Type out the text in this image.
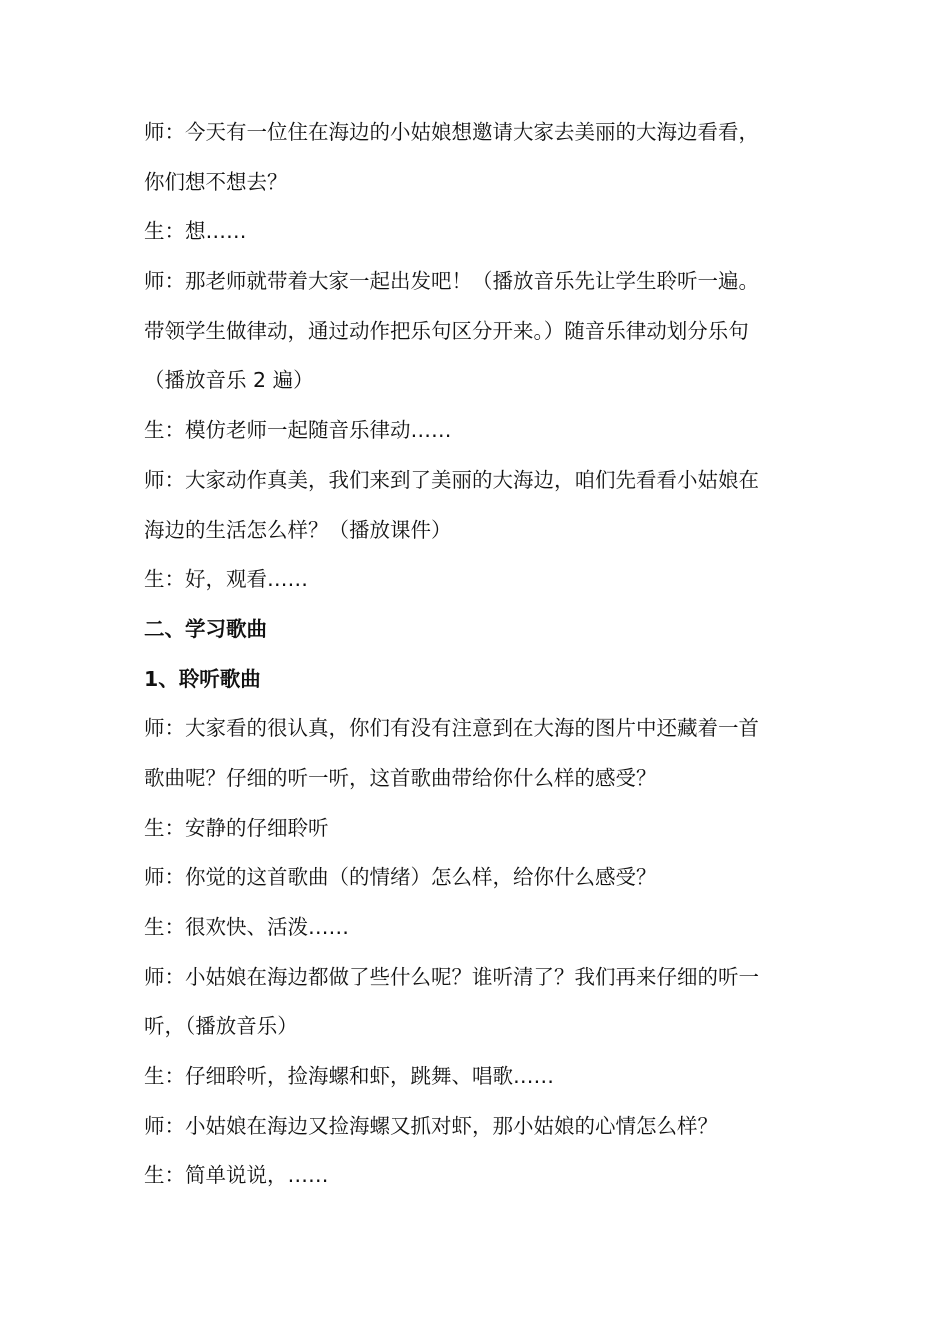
师：今天有一位住在海边的小姑娘想邀请大家去美丽的大海边看看，
你们想不想去？
生：想……
师：那老师就带着大家一起出发吧！（播放音乐先让学生聆听一遍。
带领学生做律动，通过动作把乐句区分开来。）随音乐律动划分乐句
（播放音乐 2 遍）
生：模仿老师一起随音乐律动……
师：大家动作真美，我们来到了美丽的大海边，咱们先看看小姑娘在
海边的生活怎么样？（播放课件）
生：好，观看……
二、学习歌曲
1、聆听歌曲
师：大家看的很认真，你们有没有注意到在大海的图片中还藏着一首
歌曲呢？仔细的听一听，这首歌曲带给你什么样的感受？
生：安静的仔细聆听
师：你觉的这首歌曲（的情绪）怎么样，给你什么感受？
生：很欢快、活泼……
师：小姑娘在海边都做了些什么呢？谁听清了？我们再来仔细的听一
听，（播放音乐）
生：仔细聆听，捡海螺和虾，跳舞、唱歌……
师：小姑娘在海边又捡海螺又抓对虾，那小姑娘的心情怎么样？
生：简单说说，……
